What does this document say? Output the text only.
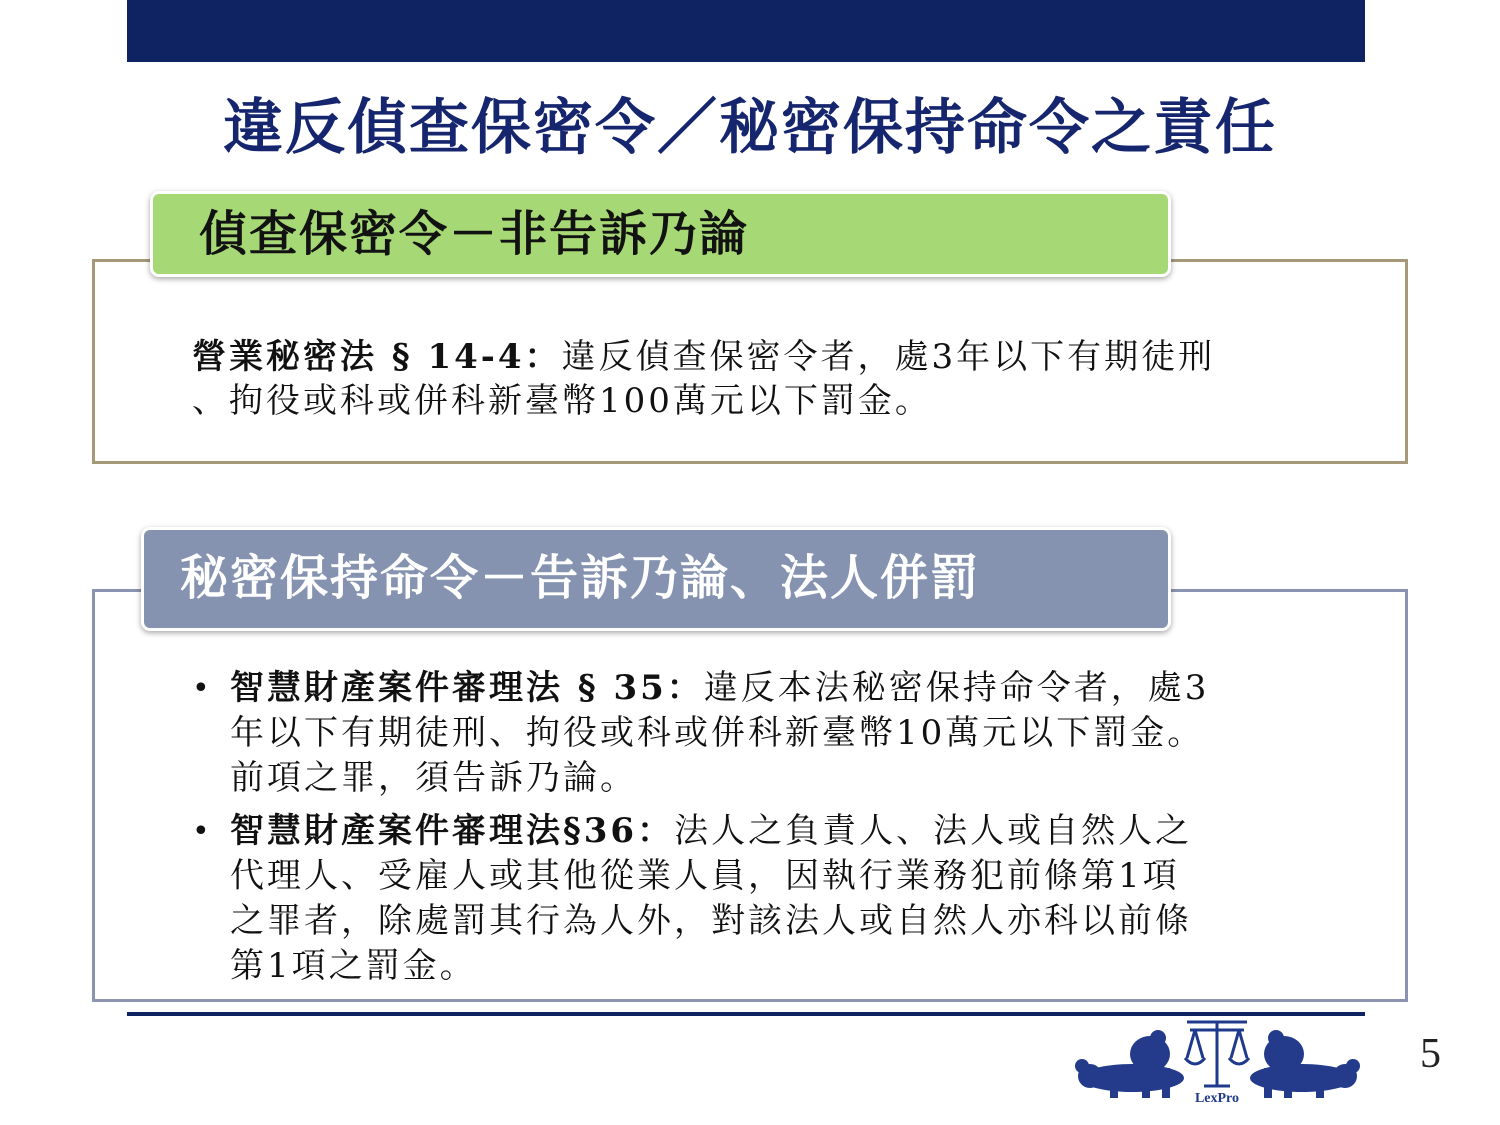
違反偵查保密令／秘密保持命令之責任
偵查保密令－非告訴乃論
營業秘密法 § 14-4：違反偵查保密令者，處3年以下有期徒刑
、拘役或科或併科新臺幣100萬元以下罰金。
秘密保持命令－告訴乃論、法人併罰
• 智慧財產案件審理法 § 35：違反本法秘密保持命令者，處3
年以下有期徒刑、拘役或科或併科新臺幣10萬元以下罰金。
前項之罪，須告訴乃論。
• 智慧財產案件審理法§36：法人之負責人、法人或自然人之
代理人、受雇人或其他從業人員，因執行業務犯前條第1項
之罪者，除處罰其行為人外，對該法人或自然人亦科以前條
第1項之罰金。
LexPro
5
